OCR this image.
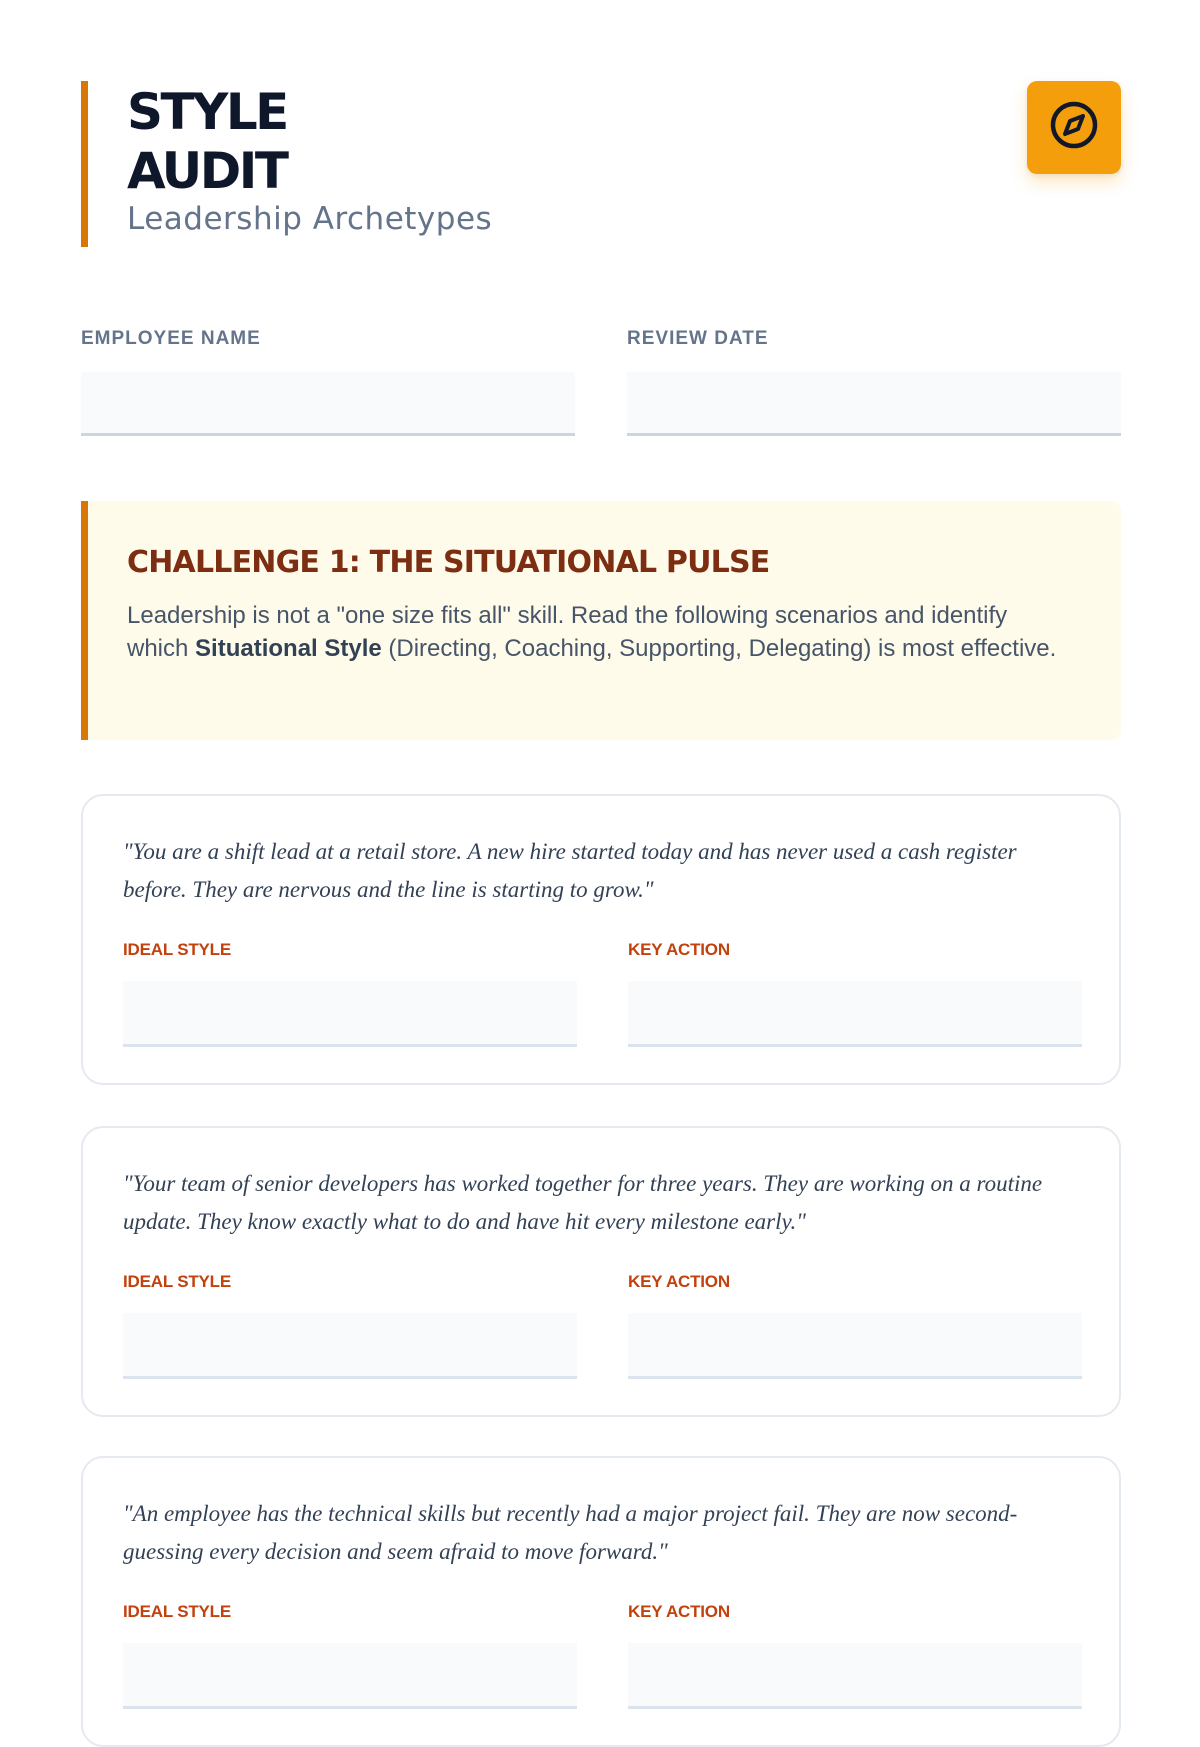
STYLE
AUDIT
Leadership Archetypes
EMPLOYEE NAME	REVIEW DATE
CHALLENGE 1: THE SITUATIONAL PULSE
Leadership is not a "one size fits all" skill. Read the following scenarios and identify which Situational Style (Directing, Coaching, Supporting, Delegating) is most effective.
"You are a shift lead at a retail store. A new hire started today and has never used a cash register before. They are nervous and the line is starting to grow."
IDEAL STYLE	KEY ACTION
"Your team of senior developers has worked together for three years. They are working on a routine update. They know exactly what to do and have hit every milestone early."
IDEAL STYLE	KEY ACTION
"An employee has the technical skills but recently had a major project fail. They are now second-guessing every decision and seem afraid to move forward."
IDEAL STYLE	KEY ACTION
